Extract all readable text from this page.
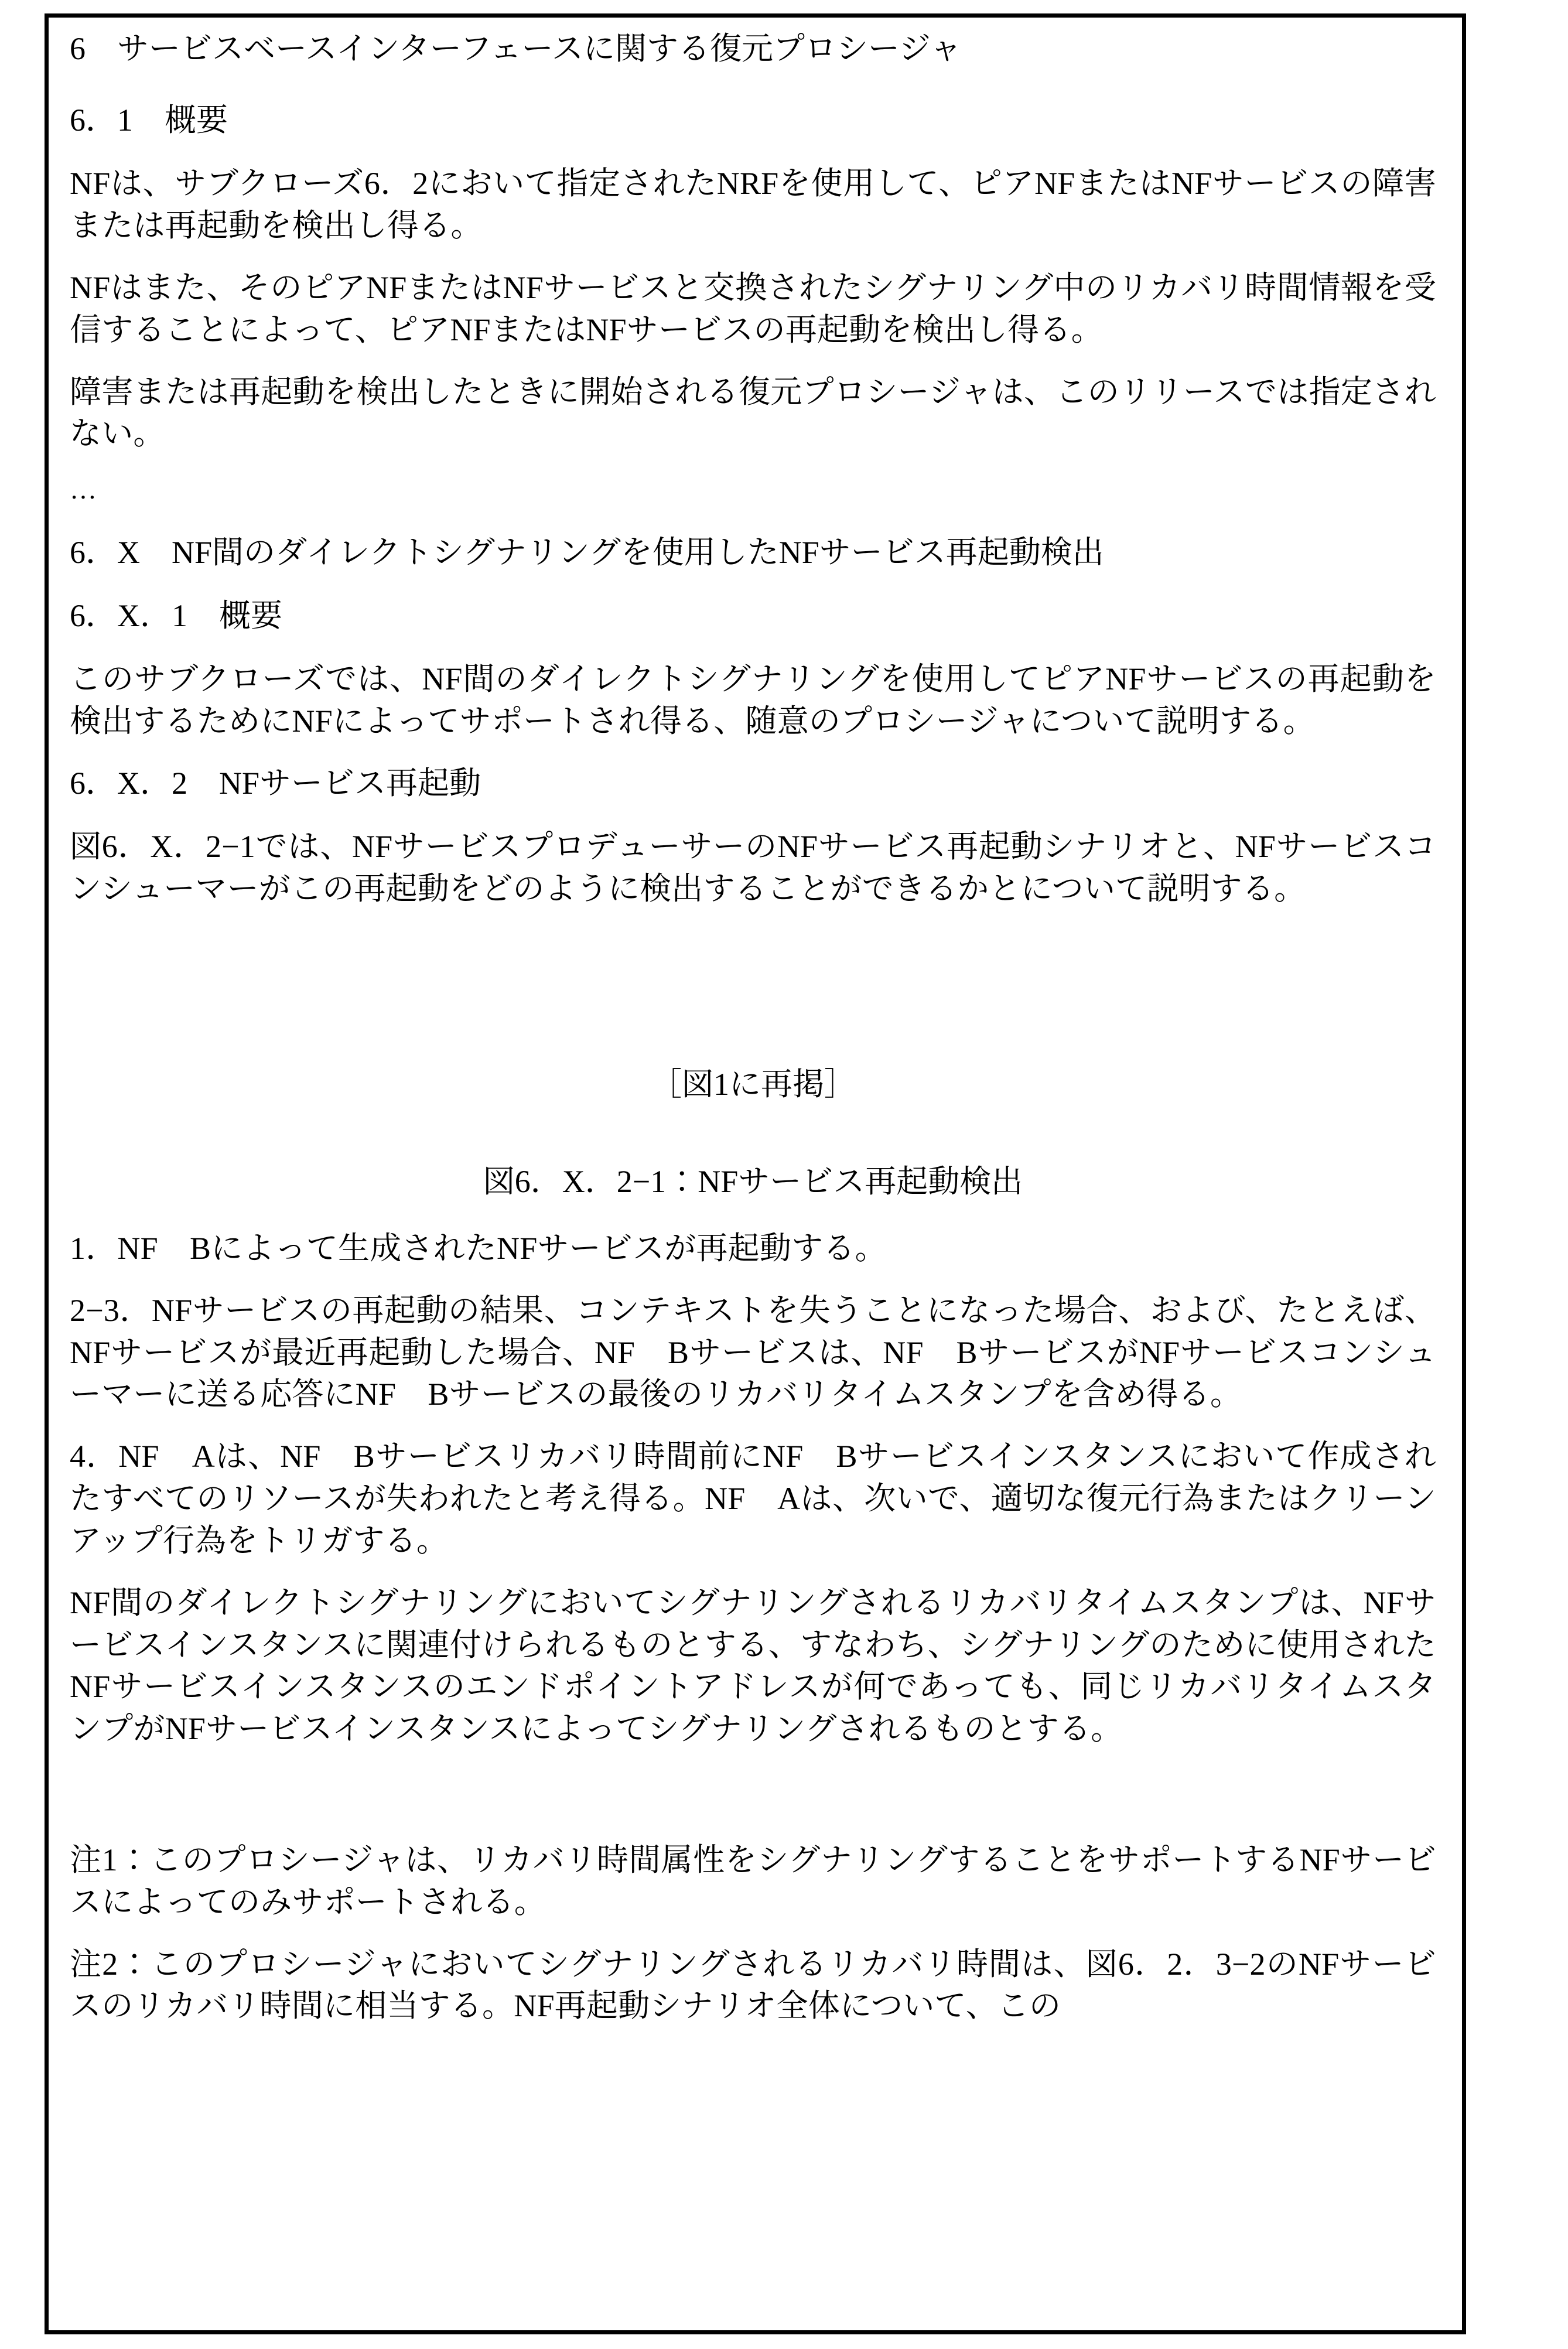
6　サービスベースインターフェースに関する復元プロシージャ
6．1　概要
NFは、サブクローズ6．2において指定されたNRFを使用して、ピアNFまたはNFサービスの障害または再起動を検出し得る。
NFはまた、そのピアNFまたはNFサービスと交換されたシグナリング中のリカバリ時間情報を受信することによって、ピアNFまたはNFサービスの再起動を検出し得る。
障害または再起動を検出したときに開始される復元プロシージャは、このリリースでは指定されない。
…
6．X　NF間のダイレクトシグナリングを使用したNFサービス再起動検出
6．X．1　概要
このサブクローズでは、NF間のダイレクトシグナリングを使用してピアNFサービスの再起動を検出するためにNFによってサポートされ得る、随意のプロシージャについて説明する。
6．X．2　NFサービス再起動
図6．X．2−1では、NFサービスプロデューサーのNFサービス再起動シナリオと、NFサービスコンシューマーがこの再起動をどのように検出することができるかとについて説明する。
［図1に再掲］
図6．X．2−1：NFサービス再起動検出
1．NF　Bによって生成されたNFサービスが再起動する。
2−3．NFサービスの再起動の結果、コンテキストを失うことになった場合、および、たとえば、NFサービスが最近再起動した場合、NF　Bサービスは、NF　BサービスがNFサービスコンシューマーに送る応答にNF　Bサービスの最後のリカバリタイムスタンプを含め得る。
4．NF　Aは、NF　Bサービスリカバリ時間前にNF　Bサービスインスタンスにおいて作成されたすべてのリソースが失われたと考え得る。NF　Aは、次いで、適切な復元行為またはクリーンアップ行為をトリガする。
NF間のダイレクトシグナリングにおいてシグナリングされるリカバリタイムスタンプは、NFサービスインスタンスに関連付けられるものとする、すなわち、シグナリングのために使用されたNFサービスインスタンスのエンドポイントアドレスが何であっても、同じリカバリタイムスタンプがNFサービスインスタンスによってシグナリングされるものとする。
注1：このプロシージャは、リカバリ時間属性をシグナリングすることをサポートするNFサービスによってのみサポートされる。
注2：このプロシージャにおいてシグナリングされるリカバリ時間は、図6．2．3−2のNFサービスのリカバリ時間に相当する。NF再起動シナリオ全体について、この
